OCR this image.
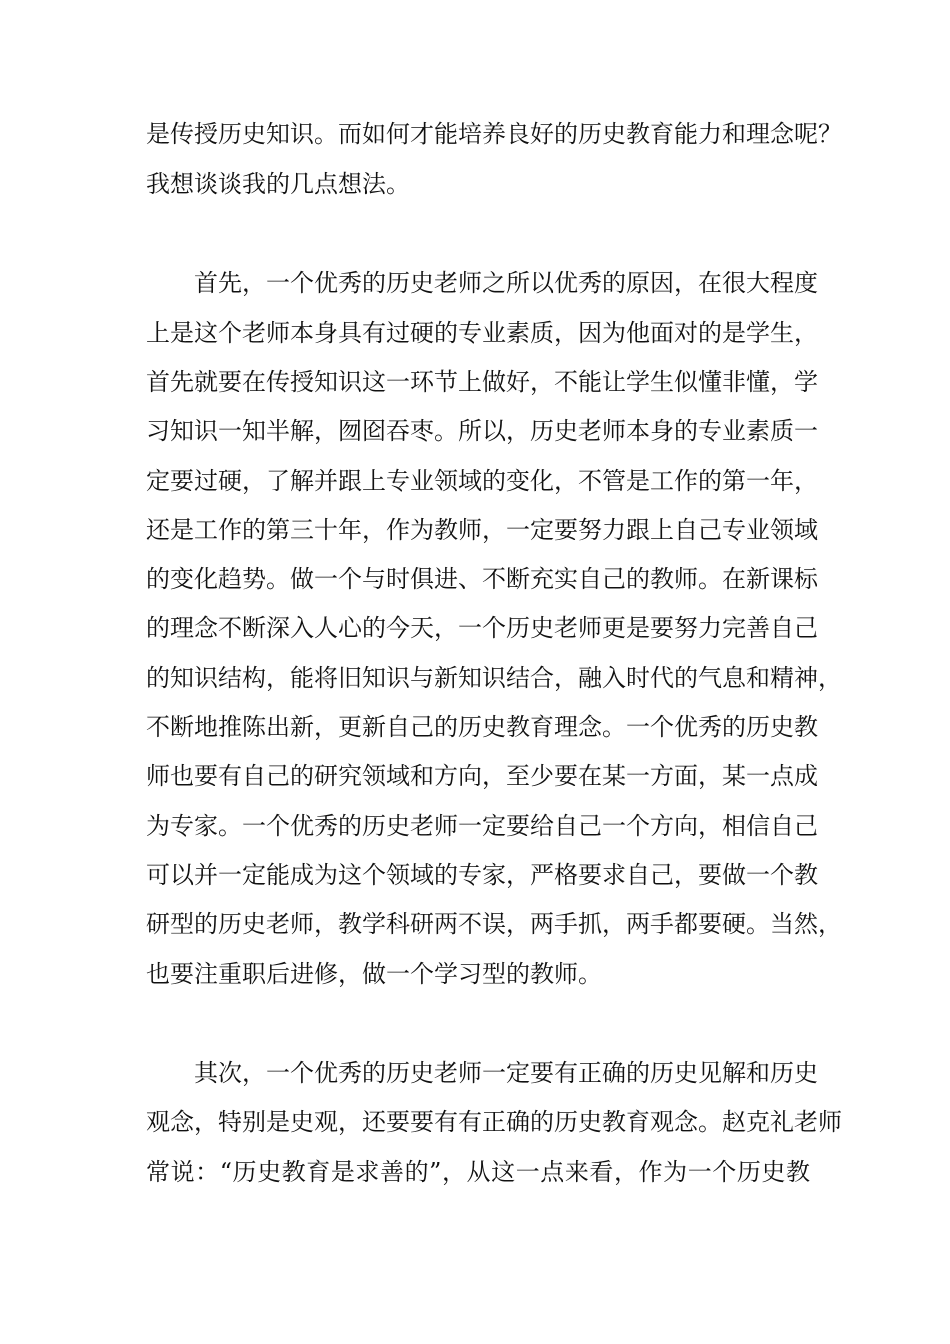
是传授历史知识。而如何才能培养良好的历史教育能力和理念呢？
我想谈谈我的几点想法。
首先，一个优秀的历史老师之所以优秀的原因，在很大程度
上是这个老师本身具有过硬的专业素质，因为他面对的是学生，
首先就要在传授知识这一环节上做好，不能让学生似懂非懂，学
习知识一知半解，囫囵吞枣。所以，历史老师本身的专业素质一
定要过硬，了解并跟上专业领域的变化，不管是工作的第一年，
还是工作的第三十年，作为教师，一定要努力跟上自己专业领域
的变化趋势。做一个与时俱进、不断充实自己的教师。在新课标
的理念不断深入人心的今天，一个历史老师更是要努力完善自己
的知识结构，能将旧知识与新知识结合，融入时代的气息和精神，
不断地推陈出新，更新自己的历史教育理念。一个优秀的历史教
师也要有自己的研究领域和方向，至少要在某一方面，某一点成
为专家。一个优秀的历史老师一定要给自己一个方向，相信自己
可以并一定能成为这个领域的专家，严格要求自己，要做一个教
研型的历史老师，教学科研两不误，两手抓，两手都要硬。当然，
也要注重职后进修，做一个学习型的教师。
其次，一个优秀的历史老师一定要有正确的历史见解和历史
观念，特别是史观，还要要有有正确的历史教育观念。赵克礼老师
常说：“历史教育是求善的”，从这一点来看，作为一个历史教
